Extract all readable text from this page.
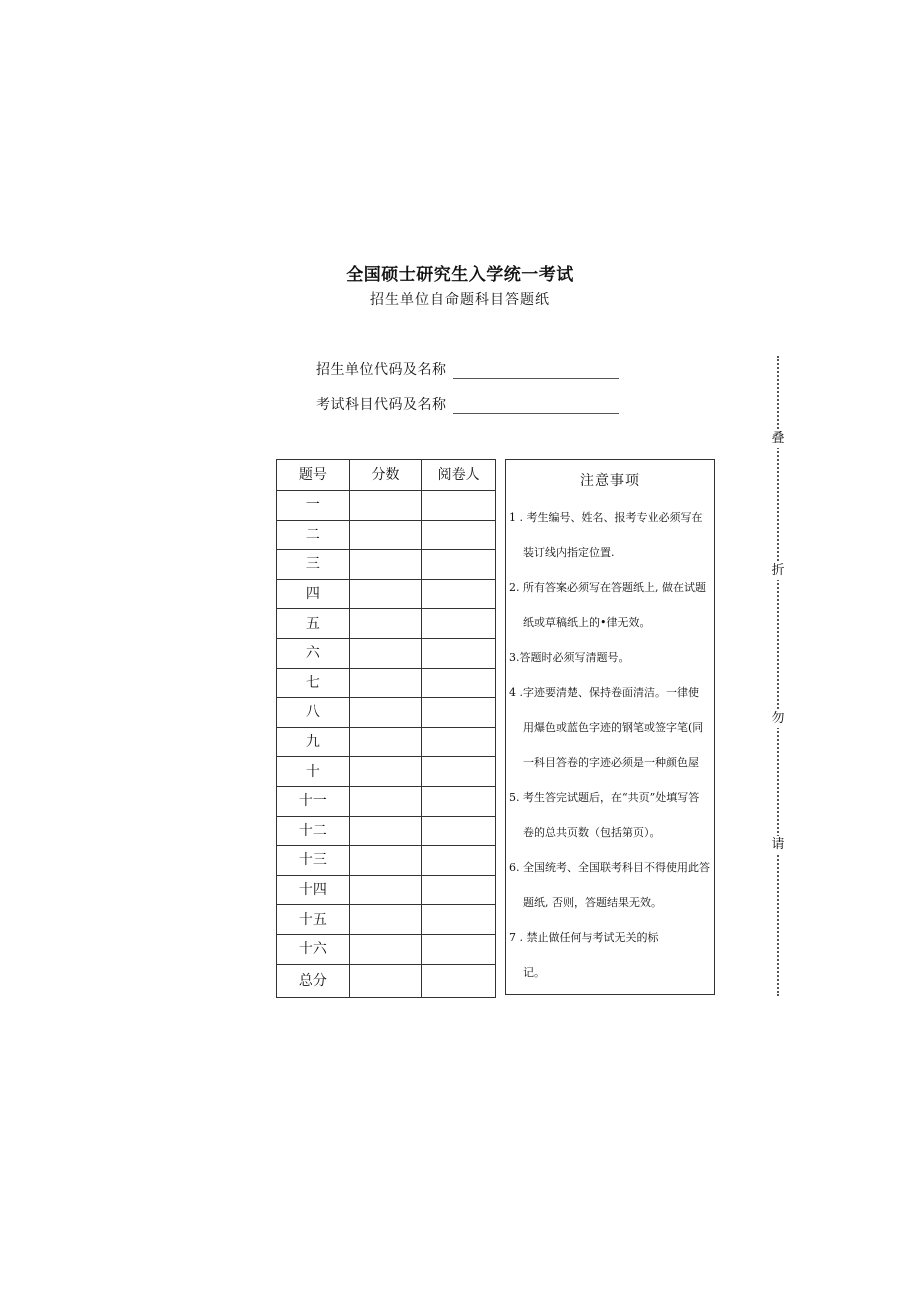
全国硕士研究生入学统一考试
招生单位自命题科目答题纸
招生单位代码及名称
考试科目代码及名称
题号	分数	阅卷人
一		
二		
三		
四		
五		
六		
七		
八		
九		
十		
十一		
十二		
十三		
十四		
十五		
十六		
总分		
注意事项
1 . 考生编号、姓名、报考专业必须写在
装订线内指定位置.
2. 所有答案必须写在答题纸上, 做在试题
纸或草稿纸上的•律无效。
3.答题时必须写清题号。
4 .字迹要清楚、保持卷面清洁。一律使
用爆色或蓝色字迹的钢笔或签字笔(同
一科目答卷的字迹必须是一种颜色屋
5. 考生答完试题后，在“共页”处填写答
卷的总共页数（包括第页）。
6. 全国统考、全国联考科目不得使用此答
题纸, 否则，答题结果无效。
7 . 禁止做任何与考试无关的标
记。
叠
折
勿
请
